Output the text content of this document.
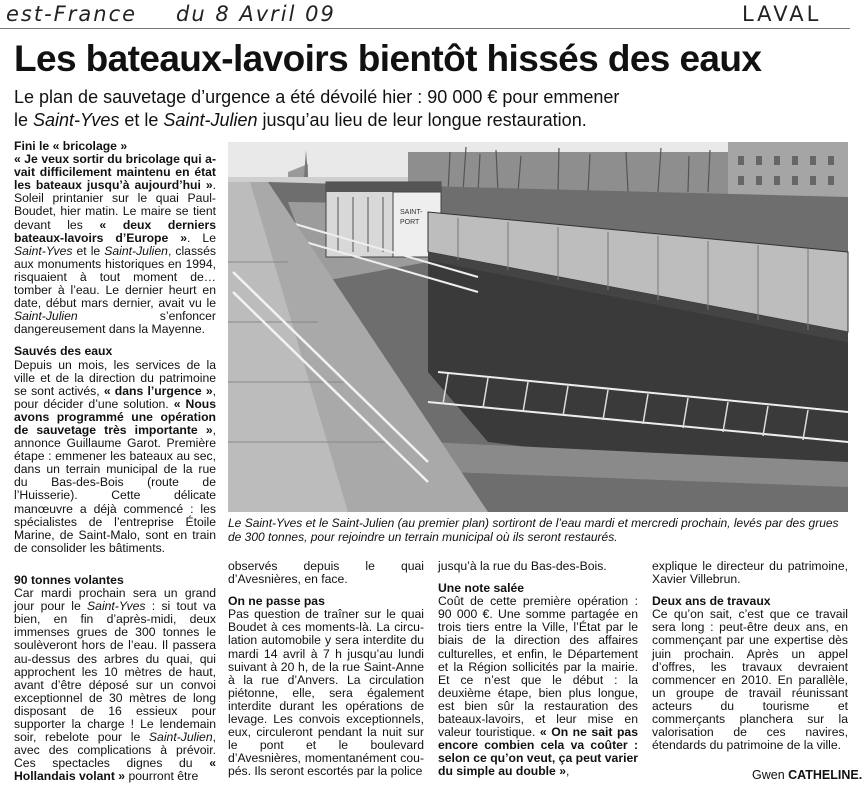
est-France du 8 Avril 09	LAVAL
Les bateaux-lavoirs bientôt hissés des eaux
Le plan de sauvetage d’urgence a été dévoilé hier : 90 000 € pour emmener
le Saint-Yves et le Saint-Julien jusqu’au lieu de leur longue restauration.

Fini le « bricolage »

« Je veux sortir du bricolage qui avait difficilement maintenu en état les bateaux jusqu’à aujourd’hui ». Soleil printanier sur le quai Paul-Boudet, hier matin. Le maire se tient devant les « deux derniers bateaux-lavoirs d’Europe ». Le Saint-Yves et le Saint-Julien, classés aux monuments historiques en 1994, risquaient à tout moment de… tomber à l’eau. Le dernier heurt en date, début mars dernier, avait vu le Saint-Julien s’enfoncer dangereusement dans la Mayenne.

Sauvés des eaux

Depuis un mois, les services de la ville et de la direction du patrimoine se sont activés, « dans l’urgence », pour décider d’une solution. « Nous avons programmé une opération de sauvetage très importante », annonce Guillaume Garot. Première étape : emmener les bateaux au sec, dans un terrain municipal de la rue du Bas-des-Bois (route de l’Huisserie). Cette délicate manœuvre a déjà commencé : les spécialistes de l’entreprise Étoile Marine, de Saint-Malo, sont en train de consolider les bâtiments.

90 tonnes volantes

Car mardi prochain sera un grand jour pour le Saint-Yves : si tout va bien, en fin d’après-midi, deux immenses grues de 300 tonnes le soulèveront hors de l’eau. Il passera au-dessus des arbres du quai, qui approchent les 10 mètres de haut, avant d’être déposé sur un convoi exceptionnel de 30 mètres de long disposant de 16 essieux pour supporter la charge ! Le lendemain soir, rebelote pour le Saint-Julien, avec des complications à prévoir. Ces spectacles dignes du « Hollandais volant » pourront être

SAINT-
PORT
Le Saint-Yves et le Saint-Julien (au premier plan) sortiront de l’eau mardi et mercredi prochain, levés par des grues de 300 tonnes, pour rejoindre un terrain municipal où ils seront restaurés.

observés depuis le quai d’Avesnières, en face.

On ne passe pas

Pas question de traîner sur le quai Boudet à ces moments-là. La circulation automobile y sera interdite du mardi 14 avril à 7 h jusqu’au lundi suivant à 20 h, de la rue Saint-Anne à la rue d’Anvers. La circulation piétonne, elle, sera également interdite durant les opérations de levage. Les convois exceptionnels, eux, circuleront pendant la nuit sur le pont et le boulevard d’Avesnières, momentanément coupés. Ils seront escortés par la police

jusqu’à la rue du Bas-des-Bois.

Une note salée

Coût de cette première opération : 90 000 €. Une somme partagée en trois tiers entre la Ville, l’État par le biais de la direction des affaires culturelles, et enfin, le Département et la Région sollicités par la mairie. Et ce n’est que le début : la deuxième étape, bien plus longue, est bien sûr la restauration des bateaux-lavoirs, et leur mise en valeur touristique. « On ne sait pas encore combien cela va coûter : selon ce qu’on veut, ça peut varier du simple au double »,

explique le directeur du patrimoine, Xavier Villebrun.

Deux ans de travaux

Ce qu’on sait, c’est que ce travail sera long : peut-être deux ans, en commençant par une expertise dès juin prochain. Après un appel d’offres, les travaux devraient commencer en 2010. En parallèle, un groupe de travail réunissant acteurs du tourisme et commerçants planchera sur la valorisation de ces navires, étendards du patrimoine de la ville.

Gwen CATHELINE.
